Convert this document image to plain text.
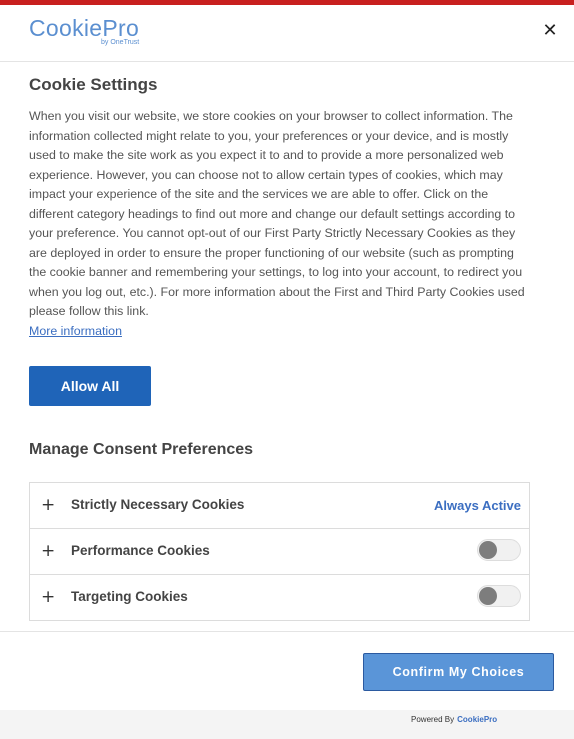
CookiePro
by OneTrust
✕
Cookie Settings

When you visit our website, we store cookies on your browser to collect information. The information collected might relate to you, your preferences or your device, and is mostly used to make the site work as you expect it to and to provide a more personalized web experience. However, you can choose not to allow certain types of cookies, which may impact your experience of the site and the services we are able to offer. Click on the different category headings to find out more and change our default settings according to your preference. You cannot opt-out of our First Party Strictly Necessary Cookies as they are deployed in order to ensure the proper functioning of our website (such as prompting the cookie banner and remembering your settings, to log into your account, to redirect you when you log out, etc.). For more information about the First and Third Party Cookies used please follow this link.
More information

Allow All
Manage Consent Preferences
+ Strictly Necessary Cookies	Always Active
+ Performance Cookies
+ Targeting Cookies
Confirm My Choices
Powered By CookiePro
